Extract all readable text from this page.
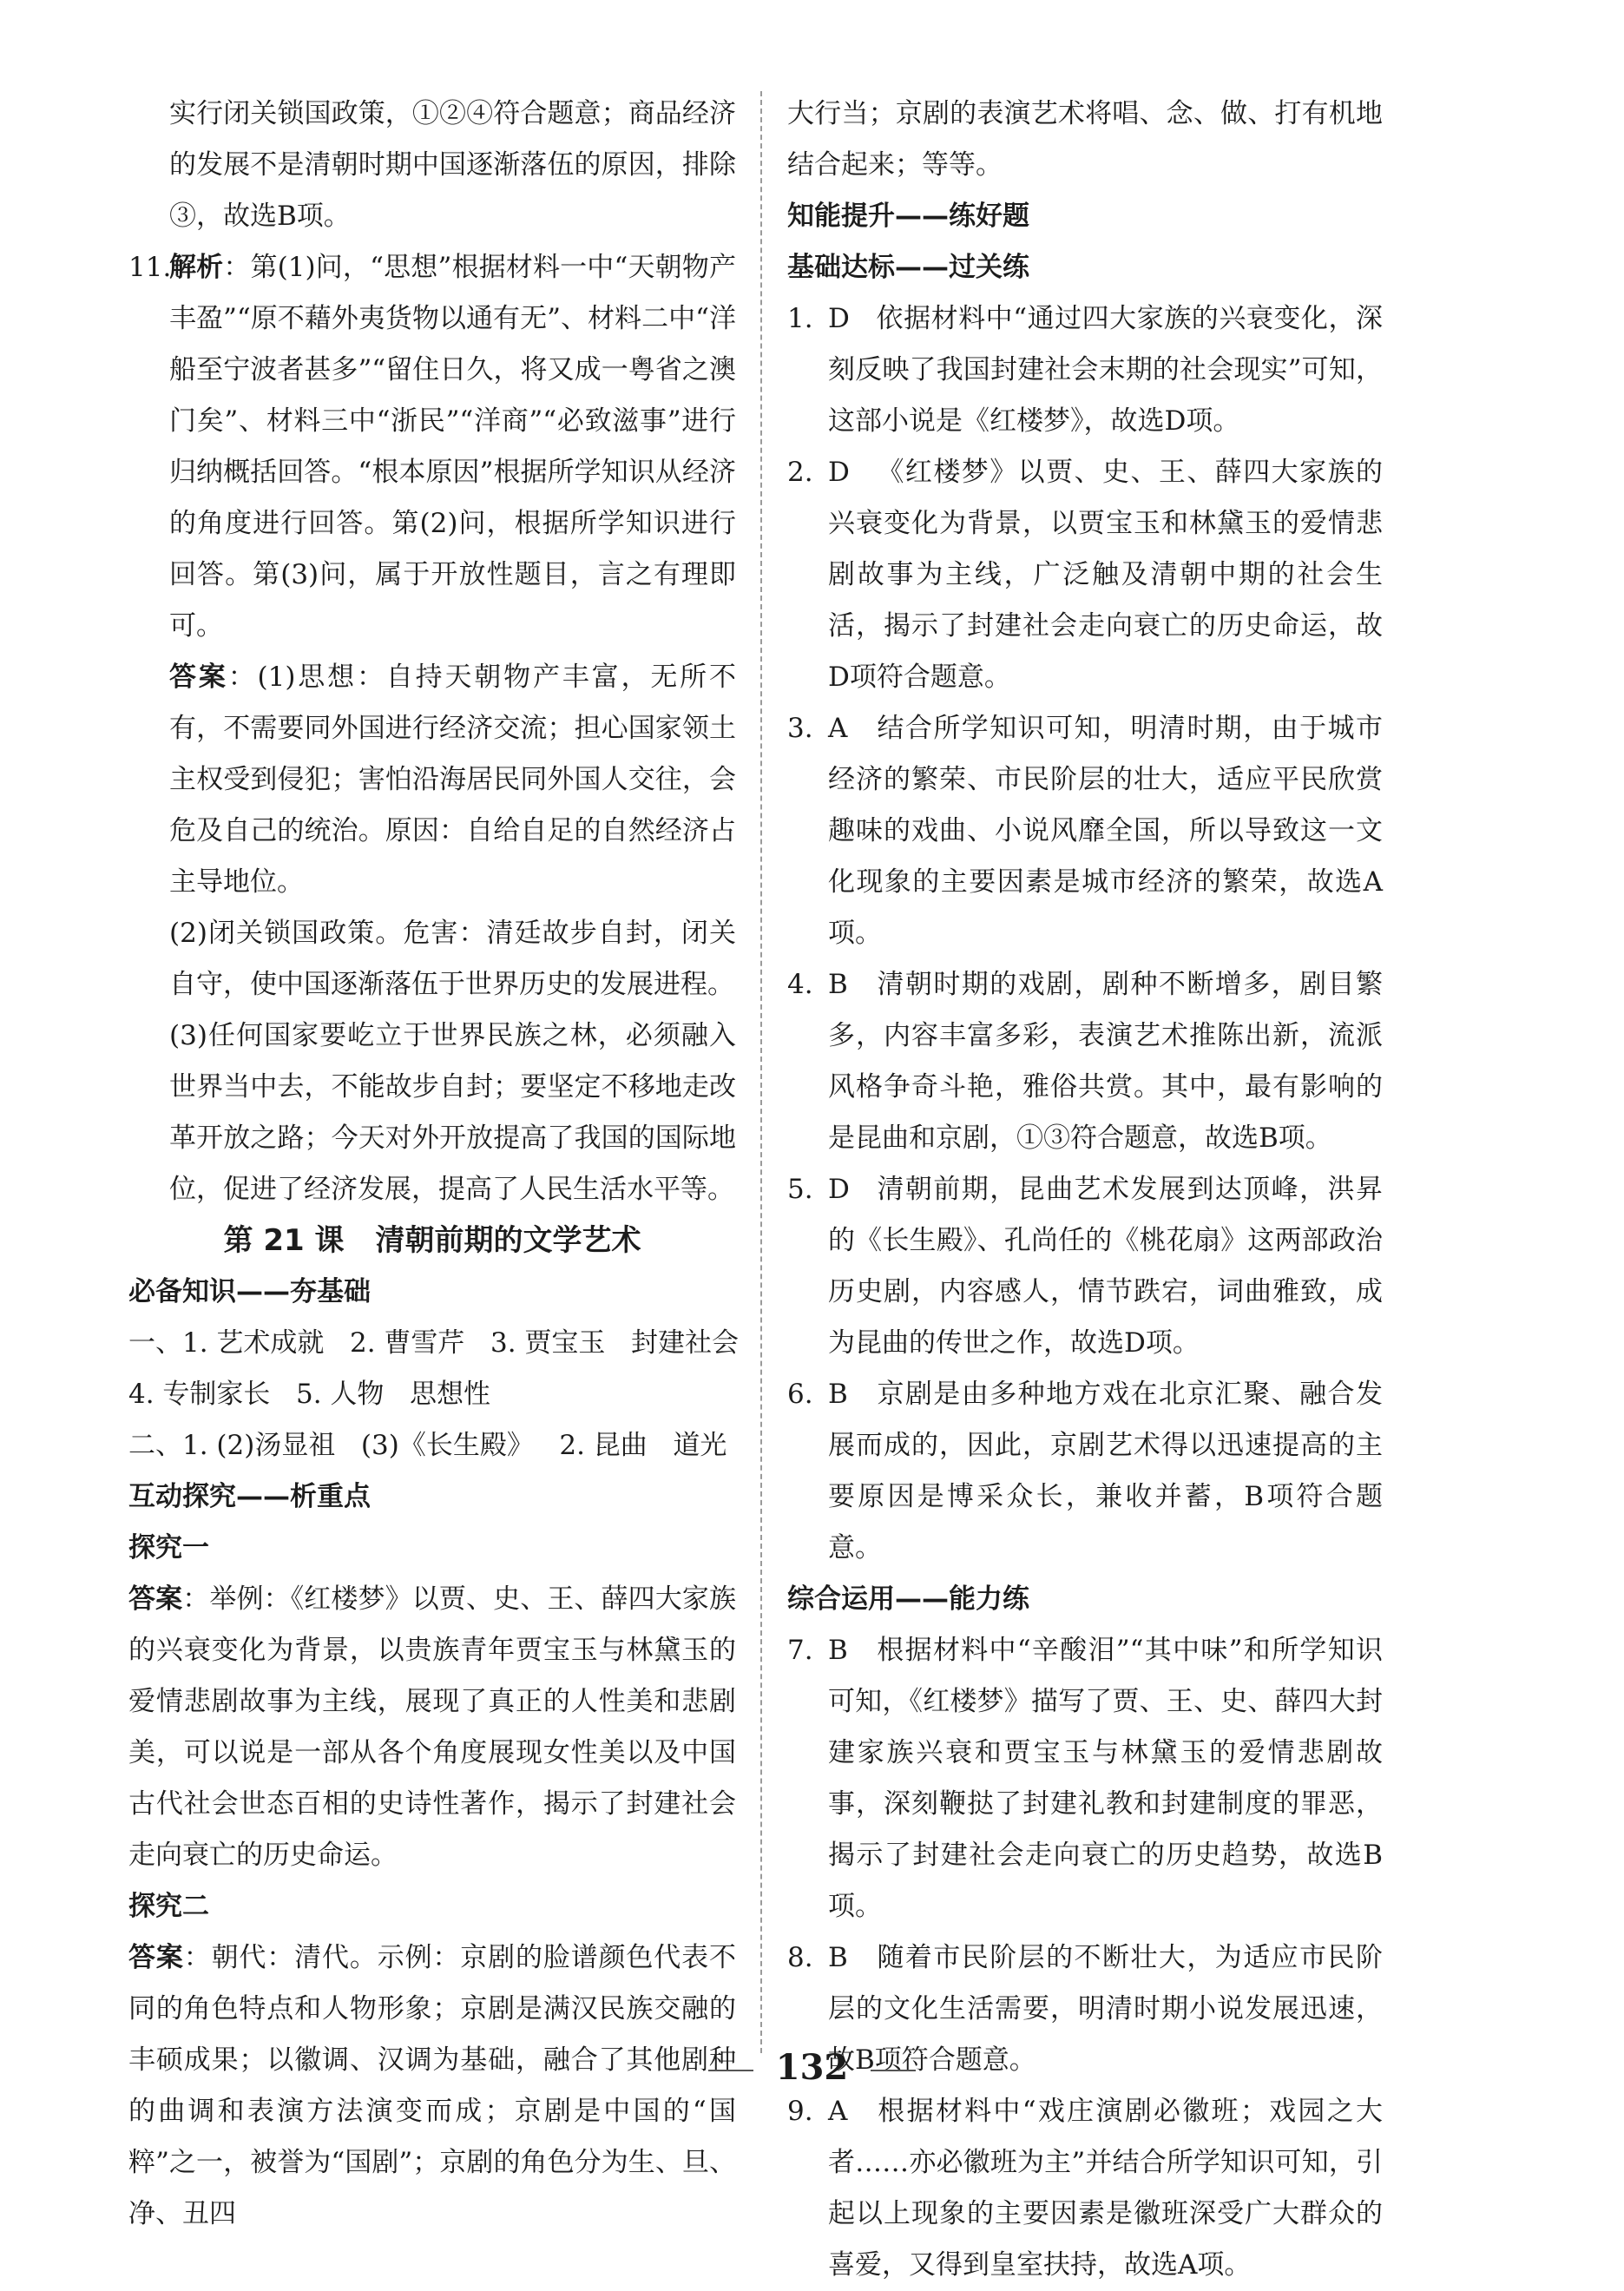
实行闭关锁国政策，①②④符合题意；商品经济的发展不是清朝时期中国逐渐落伍的原因，排除③，故选B项。

11.
解析：第(1)问，“思想”根据材料一中“天朝物产丰盈”“原不藉外夷货物以通有无”、材料二中“洋船至宁波者甚多”“留住日久，将又成一粤省之澳门矣”、材料三中“浙民”“洋商”“必致滋事”进行归纳概括回答。“根本原因”根据所学知识从经济的角度进行回答。第(2)问，根据所学知识进行回答。第(3)问，属于开放性题目，言之有理即可。

答案：(1)思想：自持天朝物产丰富，无所不有，不需要同外国进行经济交流；担心国家领土主权受到侵犯；害怕沿海居民同外国人交往，会危及自己的统治。原因：自给自足的自然经济占主导地位。

(2)闭关锁国政策。危害：清廷故步自封，闭关自守，使中国逐渐落伍于世界历史的发展进程。

(3)任何国家要屹立于世界民族之林，必须融入世界当中去，不能故步自封；要坚定不移地走改革开放之路；今天对外开放提高了我国的国际地位，促进了经济发展，提高了人民生活水平等。

第 21 课 清朝前期的文学艺术

必备知识——夯基础

一、1. 艺术成就   2. 曹雪芹   3. 贾宝玉   封建社会

4. 专制家长   5. 人物   思想性

二、1. (2)汤显祖   (3)《长生殿》   2. 昆曲   道光

互动探究——析重点

探究一

答案：举例：《红楼梦》以贾、史、王、薛四大家族的兴衰变化为背景，以贵族青年贾宝玉与林黛玉的爱情悲剧故事为主线，展现了真正的人性美和悲剧美，可以说是一部从各个角度展现女性美以及中国古代社会世态百相的史诗性著作，揭示了封建社会走向衰亡的历史命运。

探究二

答案：朝代：清代。示例：京剧的脸谱颜色代表不同的角色特点和人物形象；京剧是满汉民族交融的丰硕成果；以徽调、汉调为基础，融合了其他剧种的曲调和表演方法演变而成；京剧是中国的“国粹”之一，被誉为“国剧”；京剧的角色分为生、旦、净、丑四

大行当；京剧的表演艺术将唱、念、做、打有机地结合起来；等等。

知能提升——练好题

基础达标——过关练

1. D 依据材料中“通过四大家族的兴衰变化，深刻反映了我国封建社会末期的社会现实”可知，这部小说是《红楼梦》，故选D项。
2. D 《红楼梦》以贾、史、王、薛四大家族的兴衰变化为背景，以贾宝玉和林黛玉的爱情悲剧故事为主线，广泛触及清朝中期的社会生活，揭示了封建社会走向衰亡的历史命运，故D项符合题意。
3. A 结合所学知识可知，明清时期，由于城市经济的繁荣、市民阶层的壮大，适应平民欣赏趣味的戏曲、小说风靡全国，所以导致这一文化现象的主要因素是城市经济的繁荣，故选A项。
4. B 清朝时期的戏剧，剧种不断增多，剧目繁多，内容丰富多彩，表演艺术推陈出新，流派风格争奇斗艳，雅俗共赏。其中，最有影响的是昆曲和京剧，①③符合题意，故选B项。
5. D 清朝前期，昆曲艺术发展到达顶峰，洪昇的《长生殿》、孔尚任的《桃花扇》这两部政治历史剧，内容感人，情节跌宕，词曲雅致，成为昆曲的传世之作，故选D项。
6. B 京剧是由多种地方戏在北京汇聚、融合发展而成的，因此，京剧艺术得以迅速提高的主要原因是博采众长，兼收并蓄，B项符合题意。

综合运用——能力练

7. B 根据材料中“辛酸泪”“其中味”和所学知识可知，《红楼梦》描写了贾、王、史、薛四大封建家族兴衰和贾宝玉与林黛玉的爱情悲剧故事，深刻鞭挞了封建礼教和封建制度的罪恶，揭示了封建社会走向衰亡的历史趋势，故选B项。
8. B 随着市民阶层的不断壮大，为适应市民阶层的文化生活需要，明清时期小说发展迅速，故B项符合题意。
9. A 根据材料中“戏庄演剧必徽班；戏园之大者……亦必徽班为主”并结合所学知识可知，引起以上现象的主要因素是徽班深受广大群众的喜爱，又得到皇室扶持，故选A项。
132
